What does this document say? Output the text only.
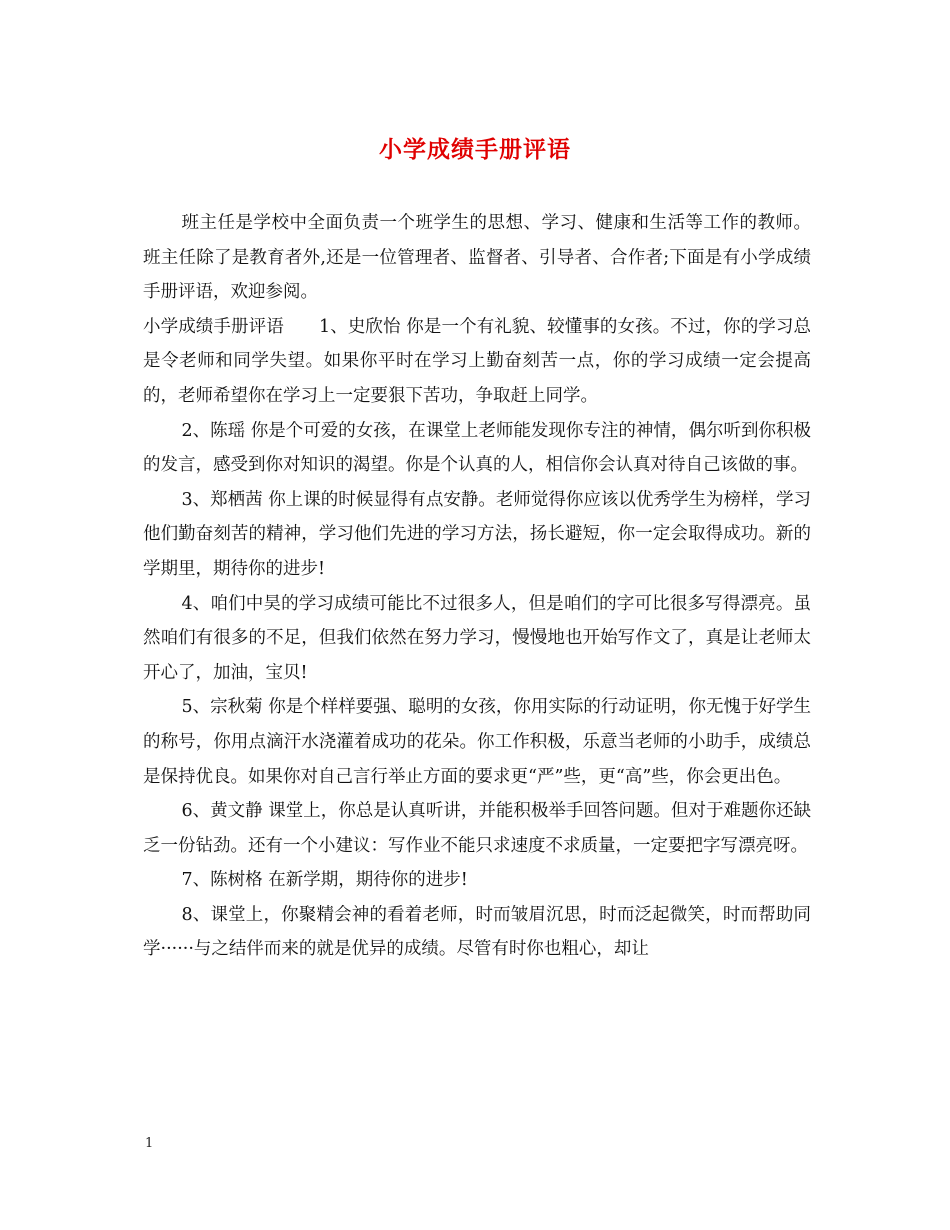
小学成绩手册评语

班主任是学校中全面负责一个班学生的思想、学习、健康和生活等工作的教师。班主任除了是教育者外,还是一位管理者、监督者、引导者、合作者;下面是有小学成绩手册评语，欢迎参阅。

小学成绩手册评语　　1、史欣怡 你是一个有礼貌、较懂事的女孩。不过，你的学习总是令老师和同学失望。如果你平时在学习上勤奋刻苦一点，你的学习成绩一定会提高的，老师希望你在学习上一定要狠下苦功，争取赶上同学。

2、陈瑶 你是个可爱的女孩，在课堂上老师能发现你专注的神情，偶尔听到你积极的发言，感受到你对知识的渴望。你是个认真的人，相信你会认真对待自己该做的事。

3、郑栖茜 你上课的时候显得有点安静。老师觉得你应该以优秀学生为榜样，学习他们勤奋刻苦的精神，学习他们先进的学习方法，扬长避短，你一定会取得成功。新的学期里，期待你的进步!

4、咱们中昊的学习成绩可能比不过很多人，但是咱们的字可比很多写得漂亮。虽然咱们有很多的不足，但我们依然在努力学习，慢慢地也开始写作文了，真是让老师太开心了，加油，宝贝!

5、宗秋菊 你是个样样要强、聪明的女孩，你用实际的行动证明，你无愧于好学生的称号，你用点滴汗水浇灌着成功的花朵。你工作积极，乐意当老师的小助手，成绩总是保持优良。如果你对自己言行举止方面的要求更“严”些，更“高”些，你会更出色。

6、黄文静 课堂上，你总是认真听讲，并能积极举手回答问题。但对于难题你还缺乏一份钻劲。还有一个小建议：写作业不能只求速度不求质量，一定要把字写漂亮呀。

7、陈树格 在新学期，期待你的进步!

8、课堂上，你聚精会神的看着老师，时而皱眉沉思，时而泛起微笑，时而帮助同学······与之结伴而来的就是优异的成绩。尽管有时你也粗心，却让

1
